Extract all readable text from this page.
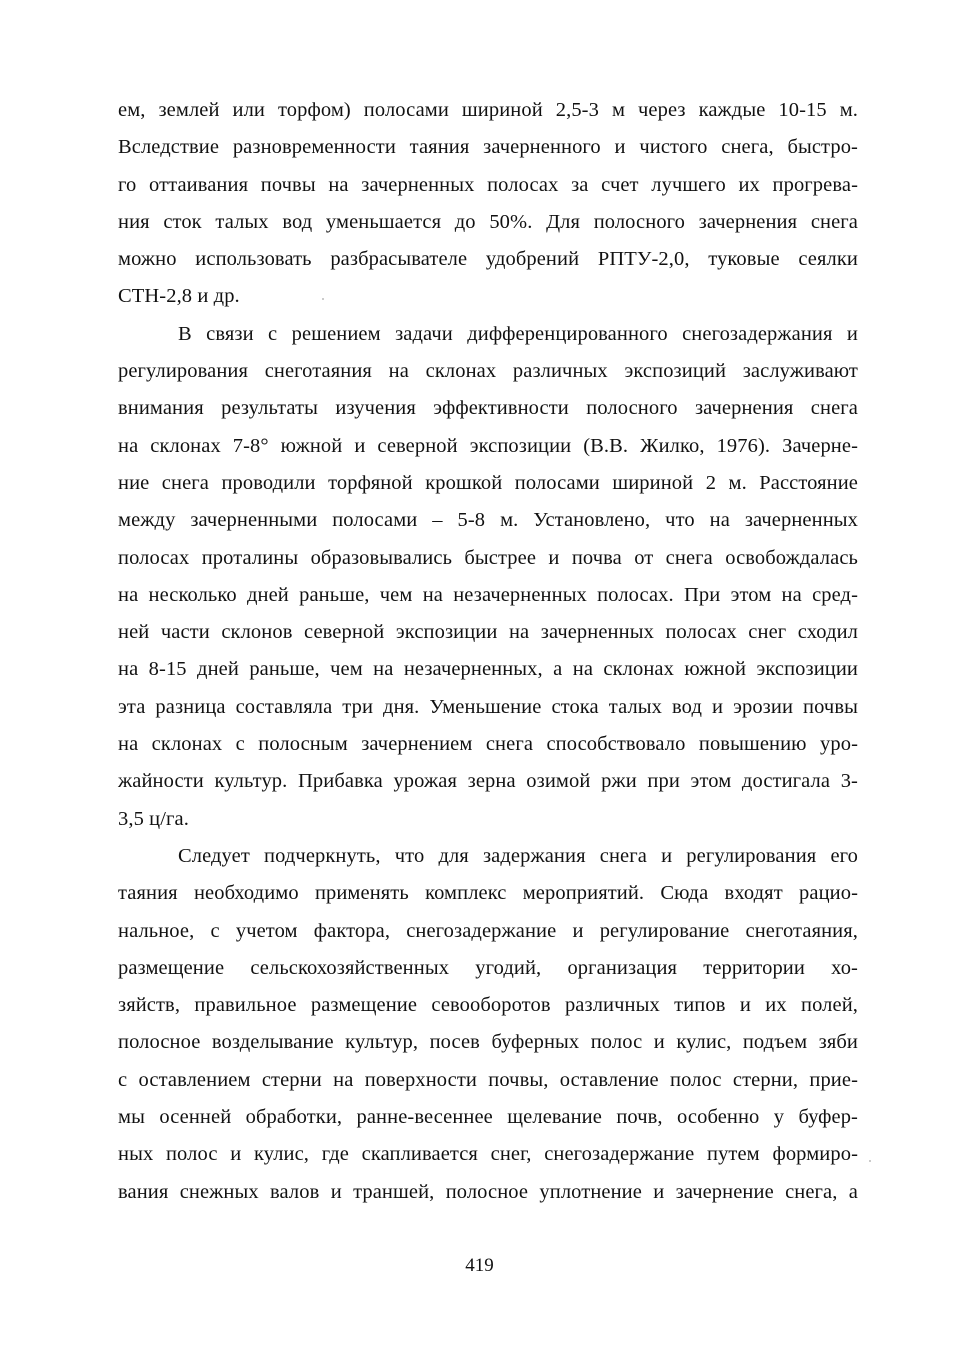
ем, землей или торфом) полосами шириной 2,5-3 м через каждые 10-15 м.
Вследствие разновременности таяния зачерненного и чистого снега, быстро-
го оттаивания почвы на зачерненных полосах за счет лучшего их прогрева-
ния сток талых вод уменьшается до 50%. Для полосного зачернения снега
можно использовать разбрасывателе удобрений РПТУ-2,0, туковые сеялки
СТН-2,8 и др.

В связи с решением задачи дифференцированного снегозадержания и
регулирования снеготаяния на склонах различных экспозиций заслуживают
внимания результаты изучения эффективности полосного зачернения снега
на склонах 7-8° южной и северной экспозиции (В.В. Жилко, 1976). Зачерне-
ние снега проводили торфяной крошкой полосами шириной 2 м. Расстояние
между зачерненными полосами – 5-8 м. Установлено, что на зачерненных
полосах проталины образовывались быстрее и почва от снега освобождалась
на несколько дней раньше, чем на незачерненных полосах. При этом на сред-
ней части склонов северной экспозиции на зачерненных полосах снег сходил
на 8-15 дней раньше, чем на незачерненных, а на склонах южной экспозиции
эта разница составляла три дня. Уменьшение стока талых вод и эрозии почвы
на склонах с полосным зачернением снега способствовало повышению уро-
жайности культур. Прибавка урожая зерна озимой ржи при этом достигала 3-
3,5 ц/га.

Следует подчеркнуть, что для задержания снега и регулирования его
таяния необходимо применять комплекс мероприятий. Сюда входят рацио-
нальное, с учетом фактора, снегозадержание и регулирование снеготаяния,
размещение сельскохозяйственных угодий, организация территории хо-
зяйств, правильное размещение севооборотов различных типов и их полей,
полосное возделывание культур, посев буферных полос и кулис, подъем зяби
с оставлением стерни на поверхности почвы, оставление полос стерни, прие-
мы осенней обработки, ранне-весеннее щелевание почв, особенно у буфер-
ных полос и кулис, где скапливается снег, снегозадержание путем формиро-
вания снежных валов и траншей, полосное уплотнение и зачернение снега, а

419
